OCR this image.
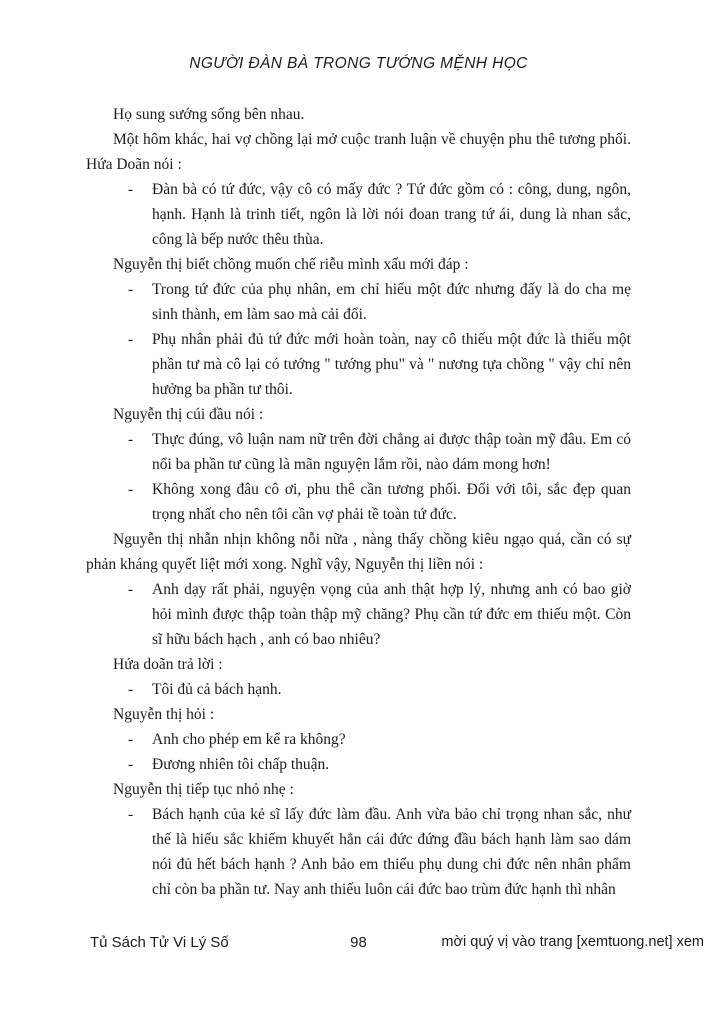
NGƯỜI ĐÀN BÀ TRONG TƯỚNG MỆNH HỌC

Họ sung sướng sống bên nhau.

Một hôm khác, hai vợ chồng lại mở cuộc tranh luận về chuyện phu thê tương phối. Hứa Doãn nói :

- Đàn bà có tứ đức, vậy cô có mấy đức ? Tứ đức gồm có : công, dung, ngôn, hạnh. Hạnh là trinh tiết, ngôn là lời nói đoan trang tứ ái, dung là nhan sắc, công là bếp nước thêu thùa.

Nguyễn thị biết chồng muốn chế riễu mình xấu mới đáp :

- Trong tứ đức của phụ nhân, em chỉ hiếu một đức nhưng đấy là do cha mẹ sinh thành, em làm sao mà cải đổi.

- Phụ nhân phải đủ tứ đức mới hoàn toàn, nay cô thiếu một đức là thiếu một phần tư mà cô lại có tướng " tướng phu" và " nương tựa chồng " vậy chỉ nên hưởng ba phần tư thôi.

Nguyễn thị cúi đầu nói :

- Thực đúng, vô luận nam nữ trên đời chẳng ai được thập toàn mỹ đâu. Em có nổi ba phần tư cũng là mãn nguyện lắm rồi, nào dám mong hơn!

- Không xong đâu cô ơi, phu thê cần tương phối. Đối với tôi, sắc đẹp quan trọng nhất cho nên tôi cần vợ phải tề toàn tứ đức.

Nguyễn thị nhẫn nhịn không nỗi nữa , nàng thấy chồng kiêu ngạo quá, cần có sự phản kháng quyết liệt mới xong. Nghĩ vậy, Nguyễn thị liền nói :

- Anh dạy rất phải, nguyện vọng của anh thật hợp lý, nhưng anh có bao giờ hỏi mình được thập toàn thập mỹ chăng? Phụ cần tứ đức em thiếu một. Còn sĩ hữu bách hạch , anh có bao nhiêu?

Hứa doãn trả lời :

- Tôi đủ cả bách hạnh.

Nguyễn thị hỏi :

- Anh cho phép em kể ra không?

- Đương nhiên tôi chấp thuận.

Nguyễn thị tiếp tục nhỏ nhẹ :

- Bách hạnh của kẻ sĩ lấy đức làm đầu. Anh vừa bảo chỉ trọng nhan sắc, như thế là hiếu sắc khiếm khuyết hẳn cái đức đứng đầu bách hạnh làm sao dám nói đủ hết bách hạnh ? Anh bảo em thiếu phụ dung chi đức nên nhân phẩm chỉ còn ba phần tư. Nay anh thiếu luôn cái đức bao trùm đức hạnh thì nhân

Tủ Sách Tử Vi Lý Số	98	mời quý vị vào trang [xemtuong.net] xem
